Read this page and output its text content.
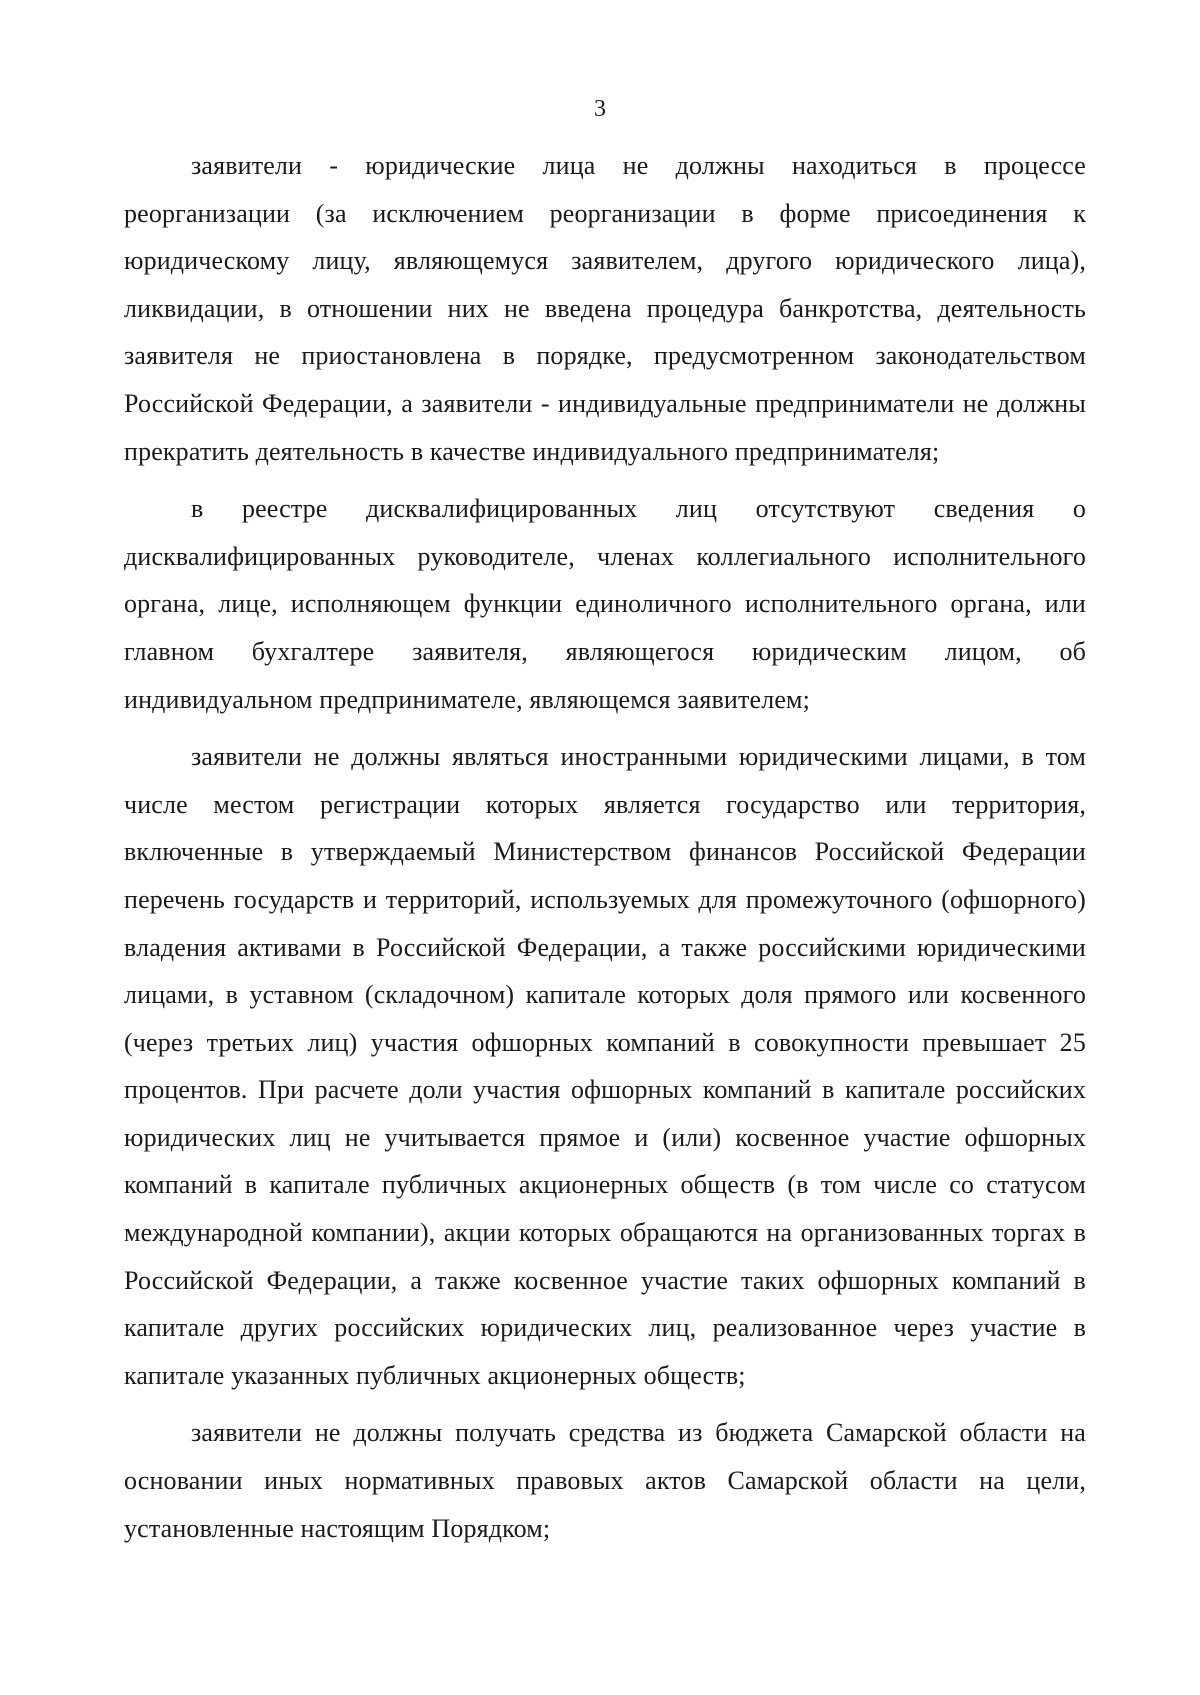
3

заявители - юридические лица не должны находиться в процессе реорганизации (за исключением реорганизации в форме присоединения к юридическому лицу, являющемуся заявителем, другого юридического лица), ликвидации, в отношении них не введена процедура банкротства, деятельность заявителя не приостановлена в порядке, предусмотренном законодательством Российской Федерации, а заявители - индивидуальные предприниматели не должны прекратить деятельность в качестве индивидуального предпринимателя;

в реестре дисквалифицированных лиц отсутствуют сведения о дисквалифицированных руководителе, членах коллегиального исполнительного органа, лице, исполняющем функции единоличного исполнительного органа, или главном бухгалтере заявителя, являющегося юридическим лицом, об индивидуальном предпринимателе, являющемся заявителем;

заявители не должны являться иностранными юридическими лицами, в том числе местом регистрации которых является государство или территория, включенные в утверждаемый Министерством финансов Российской Федерации перечень государств и территорий, используемых для промежуточного (офшорного) владения активами в Российской Федерации, а также российскими юридическими лицами, в уставном (складочном) капитале которых доля прямого или косвенного (через третьих лиц) участия офшорных компаний в совокупности превышает 25 процентов. При расчете доли участия офшорных компаний в капитале российских юридических лиц не учитывается прямое и (или) косвенное участие офшорных компаний в капитале публичных акционерных обществ (в том числе со статусом международной компании), акции которых обращаются на организованных торгах в Российской Федерации, а также косвенное участие таких офшорных компаний в капитале других российских юридических лиц, реализованное через участие в капитале указанных публичных акционерных обществ;

заявители не должны получать средства из бюджета Самарской области на основании иных нормативных правовых актов Самарской области на цели, установленные настоящим Порядком;
